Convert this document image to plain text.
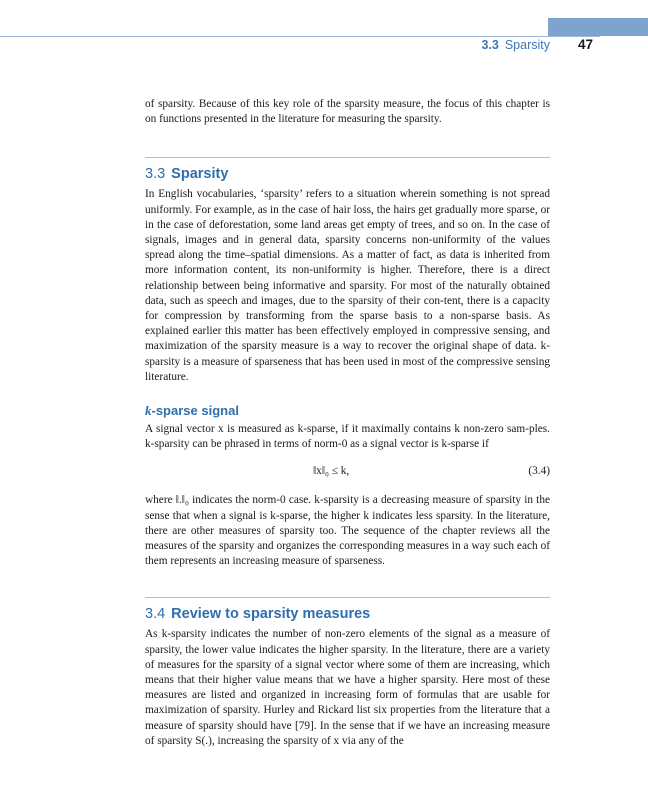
3.3 Sparsity 47

of sparsity. Because of this key role of the sparsity measure, the focus of this chapter is on functions presented in the literature for measuring the sparsity.

3.3 Sparsity

In English vocabularies, ‘sparsity’ refers to a situation wherein something is not spread uniformly. For example, as in the case of hair loss, the hairs get gradually more sparse, or in the case of deforestation, some land areas get empty of trees, and so on. In the case of signals, images and in general data, sparsity concerns non-uniformity of the values spread along the time–spatial dimensions. As a matter of fact, as data is inherited from more information content, its non-uniformity is higher. Therefore, there is a direct relationship between being informative and sparsity. For most of the naturally obtained data, such as speech and images, due to the sparsity of their con-tent, there is a capacity for compression by transforming from the sparse basis to a non-sparse basis. As explained earlier this matter has been effectively employed in compressive sensing, and maximization of the sparsity measure is a way to recover the original shape of data. k-sparsity is a measure of sparseness that has been used in most of the compressive sensing literature.

k-sparse signal

A signal vector x is measured as k-sparse, if it maximally contains k non-zero sam-ples. k-sparsity can be phrased in terms of norm-0 as a signal vector is k-sparse if

‖x‖₀ ≤ k,	(3.4)

where ‖.‖₀ indicates the norm-0 case. k-sparsity is a decreasing measure of sparsity in the sense that when a signal is k-sparse, the higher k indicates less sparsity. In the literature, there are other measures of sparsity too. The sequence of the chapter reviews all the measures of the sparsity and organizes the corresponding measures in a way such each of them represents an increasing measure of sparseness.

3.4 Review to sparsity measures

As k-sparsity indicates the number of non-zero elements of the signal as a measure of sparsity, the lower value indicates the higher sparsity. In the literature, there are a variety of measures for the sparsity of a signal vector where some of them are increasing, which means that their higher value means that we have a higher sparsity. Here most of these measures are listed and organized in increasing form of formulas that are usable for maximization of sparsity. Hurley and Rickard list six properties from the literature that a measure of sparsity should have [79]. In the sense that if we have an increasing measure of sparsity S(.), increasing the sparsity of x via any of the
